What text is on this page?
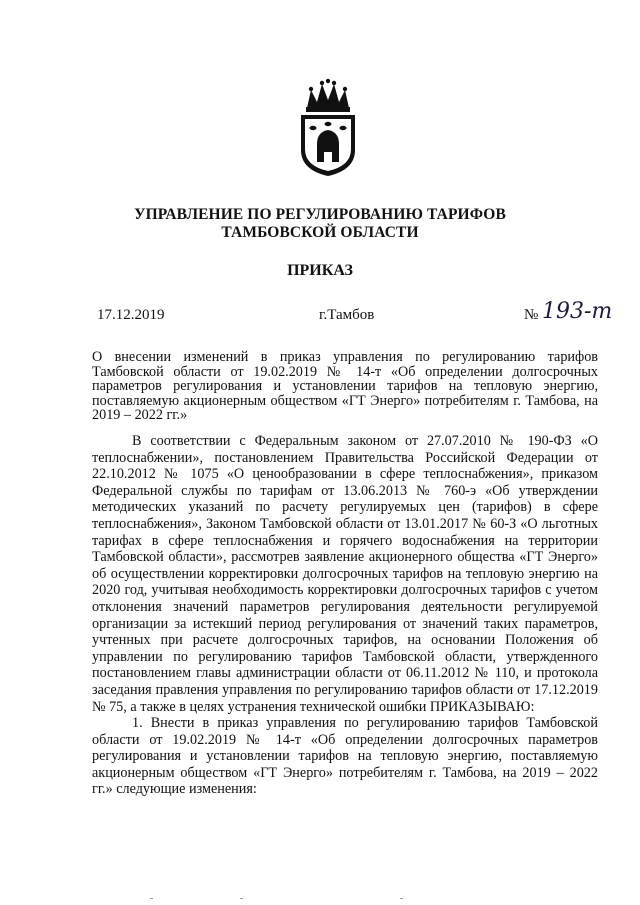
УПРАВЛЕНИЕ ПО РЕГУЛИРОВАНИЮ ТАРИФОВ
ТАМБОВСКОЙ ОБЛАСТИ
ПРИКАЗ
17.12.2019	г.Тамбов	№ 193-т
О внесении изменений в приказ управления по регулированию тарифов Тамбовской области от 19.02.2019 № 14-т «Об определении долгосрочных параметров регулирования и установлении тарифов на тепловую энергию, поставляемую акционерным обществом «ГТ Энерго» потребителям г. Тамбова, на 2019 – 2022 гг.»

В соответствии с Федеральным законом от 27.07.2010 № 190-ФЗ «О теплоснабжении», постановлением Правительства Российской Федерации от 22.10.2012 № 1075 «О ценообразовании в сфере теплоснабжения», приказом Федеральной службы по тарифам от 13.06.2013 № 760-э «Об утверждении методических указаний по расчету регулируемых цен (тарифов) в сфере теплоснабжения», Законом Тамбовской области от 13.01.2017 № 60-З «О льготных тарифах в сфере теплоснабжения и горячего водоснабжения на территории Тамбовской области», рассмотрев заявление акционерного общества «ГТ Энерго» об осуществлении корректировки долгосрочных тарифов на тепловую энергию на 2020 год, учитывая необходимость корректировки долгосрочных тарифов с учетом отклонения значений параметров регулирования деятельности регулируемой организации за истекший период регулирования от значений таких параметров, учтенных при расчете долгосрочных тарифов, на основании Положения об управлении по регулированию тарифов Тамбовской области, утвержденного постановлением главы администрации области от 06.11.2012 № 110, и протокола заседания правления управления по регулированию тарифов области от 17.12.2019 № 75, а также в целях устранения технической ошибки ПРИКАЗЫВАЮ:

1. Внести в приказ управления по регулированию тарифов Тамбовской области от 19.02.2019 № 14-т «Об определении долгосрочных параметров регулирования и установлении тарифов на тепловую энергию, поставляемую акционерным обществом «ГТ Энерго» потребителям г. Тамбова, на 2019 – 2022 гг.» следующие изменения:
